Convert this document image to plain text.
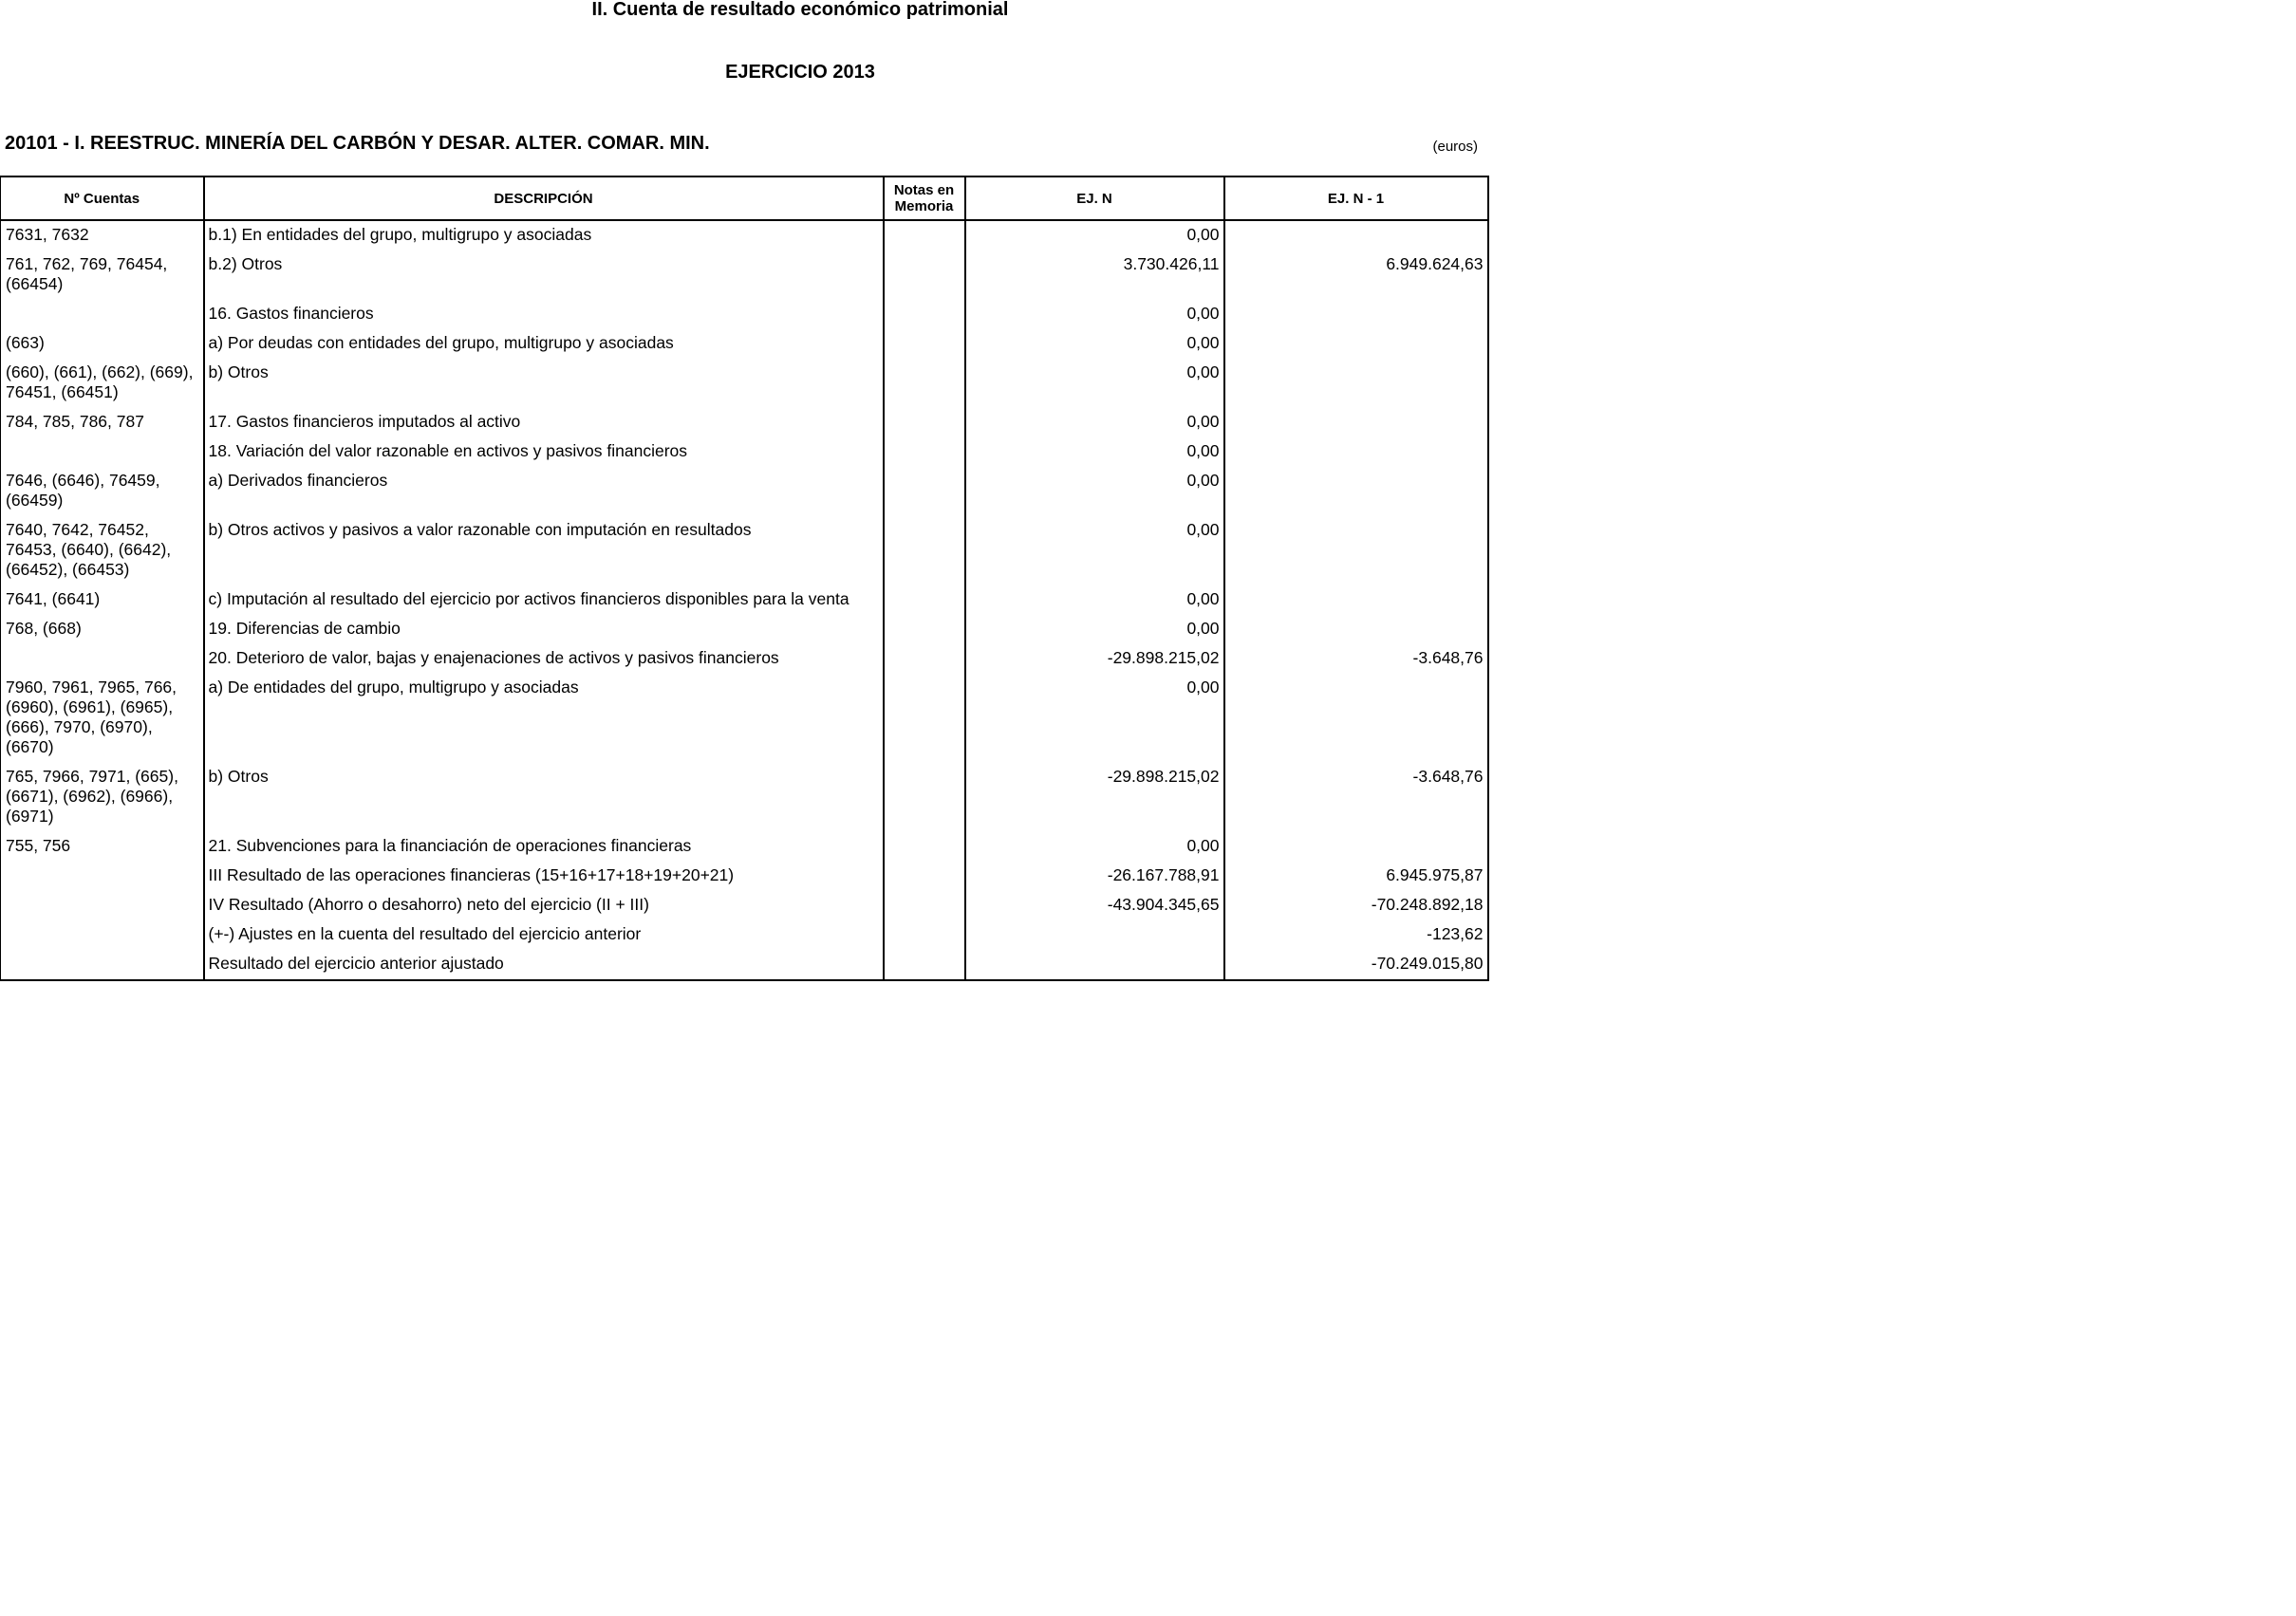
II. Cuenta de resultado económico patrimonial
EJERCICIO 2013
20101 - I. REESTRUC. MINERÍA DEL CARBÓN Y DESAR. ALTER. COMAR. MIN.	(euros)
Nº Cuentas	DESCRIPCIÓN	Notas en Memoria	EJ. N	EJ. N - 1
7631, 7632	b.1) En entidades del grupo, multigrupo y asociadas		0,00	
761, 762, 769, 76454, (66454)	b.2) Otros		3.730.426,11	6.949.624,63
	16. Gastos financieros		0,00	
(663)	a) Por deudas con entidades del grupo, multigrupo y asociadas		0,00	
(660), (661), (662), (669), 76451, (66451)	b) Otros		0,00	
784, 785, 786, 787	17. Gastos financieros imputados al activo		0,00	
	18. Variación del valor razonable en activos y pasivos financieros		0,00	
7646, (6646), 76459, (66459)	a) Derivados financieros		0,00	
7640, 7642, 76452, 76453, (6640), (6642), (66452), (66453)	b) Otros activos y pasivos a valor razonable con imputación en resultados		0,00	
7641, (6641)	c) Imputación al resultado del ejercicio por activos financieros disponibles para la venta		0,00	
768, (668)	19. Diferencias de cambio		0,00	
	20. Deterioro de valor, bajas y enajenaciones de activos y pasivos financieros		-29.898.215,02	-3.648,76
7960, 7961, 7965, 766, (6960), (6961), (6965), (666), 7970, (6970), (6670)	a) De entidades del grupo, multigrupo y asociadas		0,00	
765, 7966, 7971, (665), (6671), (6962), (6966), (6971)	b) Otros		-29.898.215,02	-3.648,76
755, 756	21. Subvenciones para la financiación de operaciones financieras		0,00	
	III Resultado de las operaciones financieras (15+16+17+18+19+20+21)		-26.167.788,91	6.945.975,87
	IV Resultado (Ahorro o desahorro) neto del ejercicio (II + III)		-43.904.345,65	-70.248.892,18
	(+-) Ajustes en la cuenta del resultado del ejercicio anterior			-123,62
	Resultado del ejercicio anterior ajustado			-70.249.015,80
